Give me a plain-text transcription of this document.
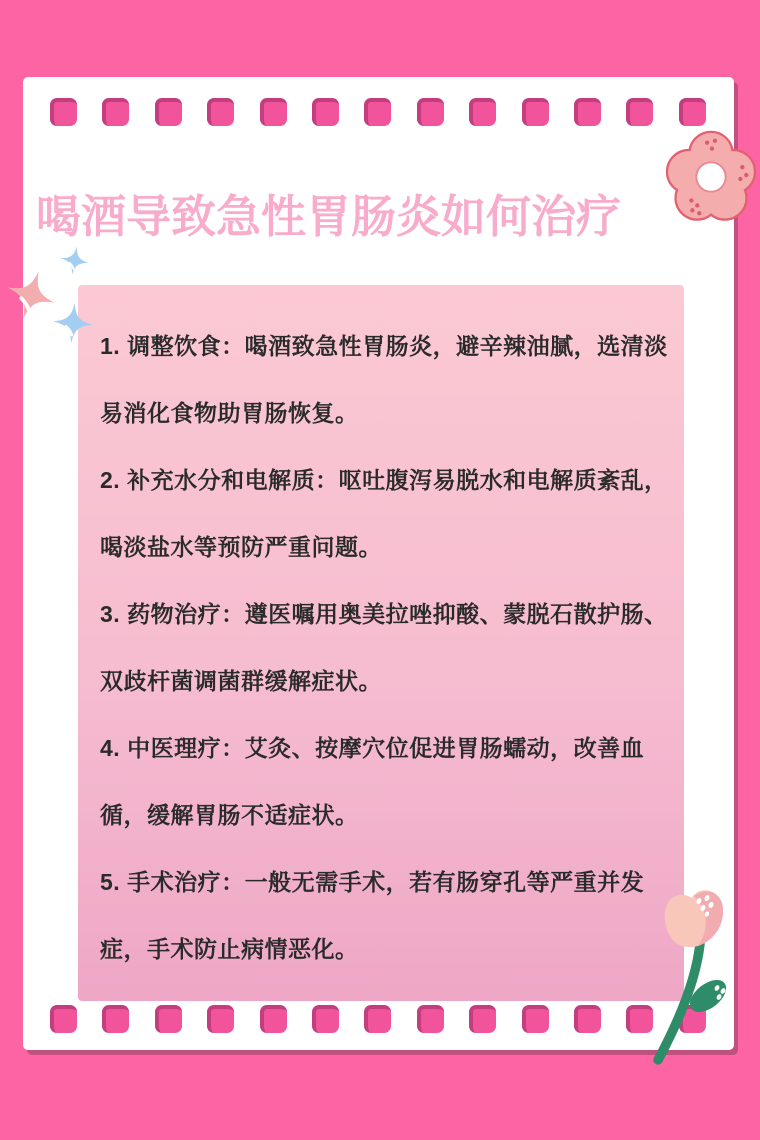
喝酒导致急性胃肠炎如何治疗

1. 调整饮食：喝酒致急性胃肠炎，避辛辣油腻，选清淡易消化食物助胃肠恢复。

2. 补充水分和电解质：呕吐腹泻易脱水和电解质紊乱，喝淡盐水等预防严重问题。

3. 药物治疗：遵医嘱用奥美拉唑抑酸、蒙脱石散护肠、双歧杆菌调菌群缓解症状。

4. 中医理疗：艾灸、按摩穴位促进胃肠蠕动，改善血循，缓解胃肠不适症状。

5. 手术治疗：一般无需手术，若有肠穿孔等严重并发症，手术防止病情恶化。
